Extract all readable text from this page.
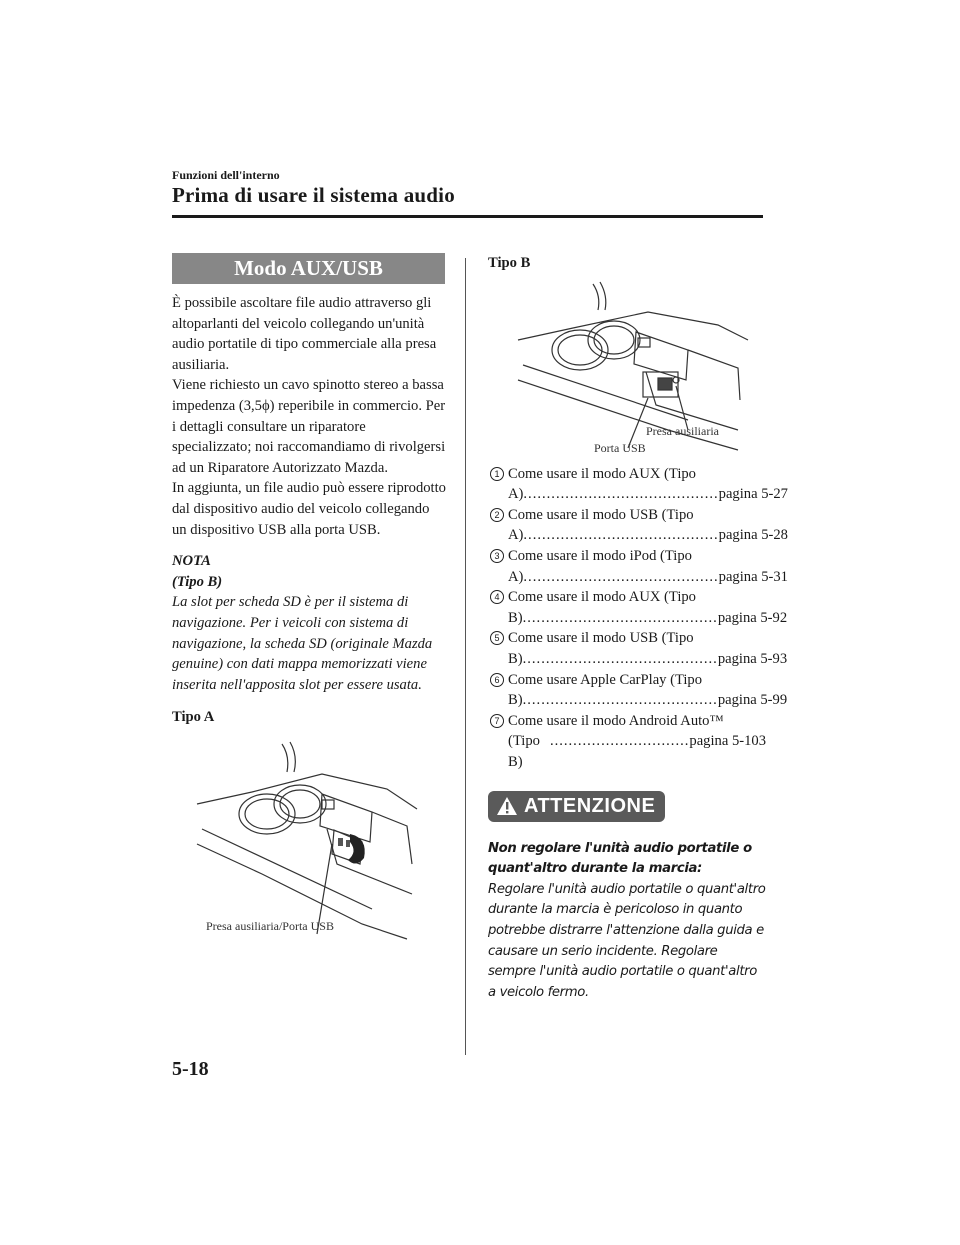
Funzioni dell'interno
Prima di usare il sistema audio
Modo AUX/USB

È possibile ascoltare file audio attraverso gli altoparlanti del veicolo collegando un'unità audio portatile di tipo commerciale alla presa ausiliaria.

Viene richiesto un cavo spinotto stereo a bassa impedenza (3,5ϕ) reperibile in commercio. Per i dettagli consultare un riparatore specializzato; noi raccomandiamo di rivolgersi ad un Riparatore Autorizzato Mazda.

In aggiunta, un file audio può essere riprodotto dal dispositivo audio del veicolo collegando un dispositivo USB alla porta USB.

NOTA
(Tipo B)
La slot per scheda SD è per il sistema di navigazione. Per i veicoli con sistema di navigazione, la scheda SD (originale Mazda genuine) con dati mappa memorizzati viene inserita nell'apposita slot per essere usata.
Tipo A
Presa ausiliaria/Porta USB
Tipo B
Presa ausiliaria
Porta USB
1 Come usare il modo AUX (Tipo
A) .......................................... pagina 5-27
2 Come usare il modo USB (Tipo
A) .......................................... pagina 5-28
3 Come usare il modo iPod (Tipo
A) .......................................... pagina 5-31
4 Come usare il modo AUX (Tipo
B) .......................................... pagina 5-92
5 Come usare il modo USB (Tipo
B) .......................................... pagina 5-93
6 Come usare Apple CarPlay (Tipo
B) .......................................... pagina 5-99
7 Come usare il modo Android Auto™
(Tipo B)
.............................. pagina 5-103
ATTENZIONE
Non regolare l'unità audio portatile o quant'altro durante la marcia:
Regolare l'unità audio portatile o quant'altro durante la marcia è pericoloso in quanto potrebbe distrarre l'attenzione dalla guida e causare un serio incidente. Regolare sempre l'unità audio portatile o quant'altro a veicolo fermo.
5-18
